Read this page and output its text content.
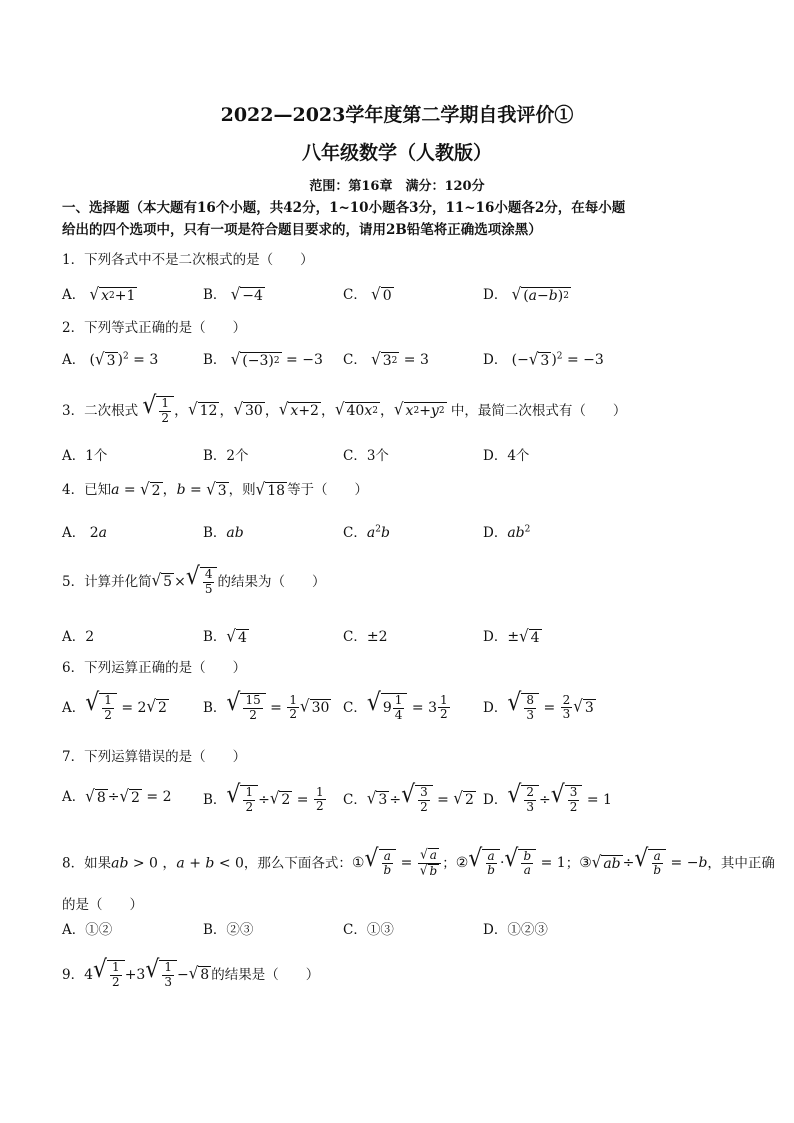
2022—2023学年度第二学期自我评价①
八年级数学（人教版）
范围：第16章　满分：120分
一、选择题（本大题有16个小题，共42分，1~10小题各3分，11~16小题各2分，在每小题
给出的四个选项中，只有一项是符合题目要求的，请用2B铅笔将正确选项涂黑）
1．下列各式中不是二次根式的是（　　）
A． √ x 2 +1	B． √ −4	C． √ 0	D． √ ( a − b ) 2
2．下列等式正确的是（　　）
A． ( √ 3 )$^2$ = 3	B． √ (−3) 2 = −3 C． √ 3 2 = 3	D． (− √ 3 )$^2$ = −3
3．二次根式 √ $\frac{1}{2}$ ， √ 12 ， √ 30 ， √ x +2 ， √ 40 x 2 ， √ x 2 + y 2 中，最简二次根式有（　　）
A．1个	B．2个	C．3个	D．4个
4．已知a = √ 2 ，b = √ 3 ，则 √ 18 等于（　　）
A． 2a	B．ab	C．$a^2b$	D．$ab^2$
5．计算并化简 √ 5 × √ $\frac{4}{5}$ 的结果为（　　）
A．2	B． √ 4	C．±2	D．± √ 4
6．下列运算正确的是（　　）
A． √ $\frac{1}{2} = 2$ √ 2	B． √ $\frac{15}{2} = \frac{1}{2}$ √ 30 C． √ $9 \frac{1}{4} = 3 \frac{1}{2}$ D． √ $\frac{8}{3} = \frac{2}{3}$ √ 3
7．下列运算错误的是（　　）
A． √ 8 ÷ √ 2 = 2 B． √ $\frac{1}{2}$ ÷ √ $2 = \frac{1}{2}$ C． √ 3 ÷ √ $\frac{3}{2}$ = √ 2 D． √ $\frac{2}{3}$ ÷ √ $\frac{3}{2} = 1$
8．如果ab > 0 ，a + b < 0，那么下面各式：① √ $\frac{a}{b} = \frac{√ a}{√ b}$ ；② √ $\frac{a}{b}$ · √ $\frac{b}{a} = 1$；③ √ ab ÷ √ $\frac{a}{b} = -b$，其中正确
的是（　　）
A．①②	B．②③	C．①③	D．①②③
9．4 √ $\frac{1}{2} +3$ √ $\frac{1}{3}$ − √ 8 的结果是（　　）
